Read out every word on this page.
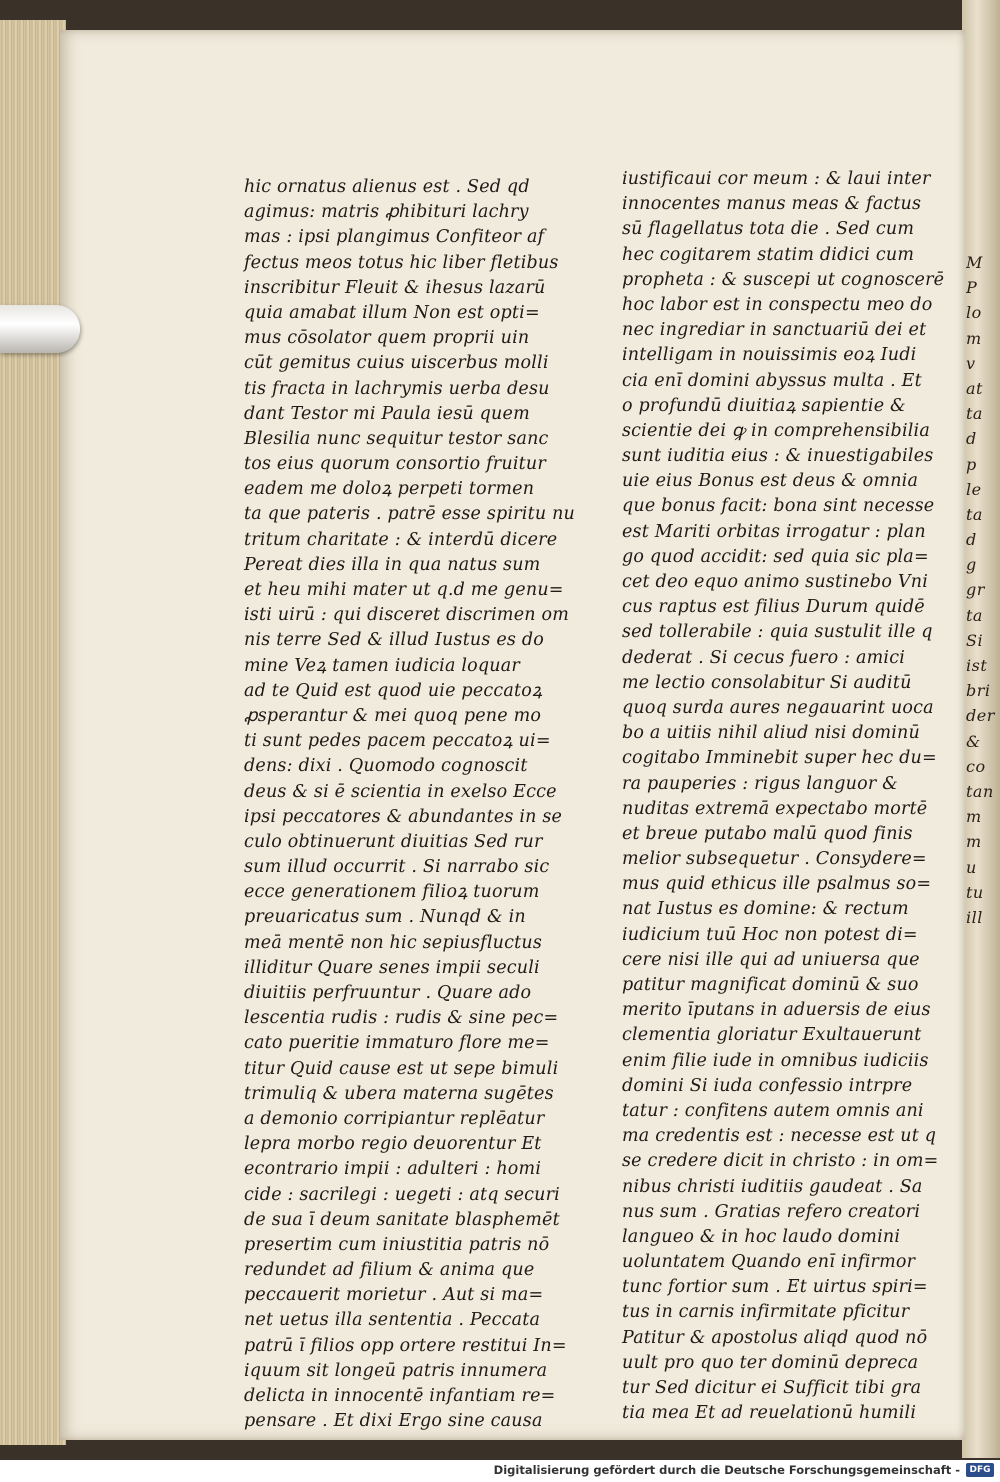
hic ornatus alienus est . Sed qd
agimus: matris ꝓhibituri lachry
mas : ipsi plangimus Confiteor af
fectus meos totus hic liber fletibus
inscribitur Fleuit & ihesus lazarū
quia amabat illum Non est opti=
mus cōsolator quem proprii uin
cūt gemitus cuius uiscerbus molli
tis fracta in lachrymis uerba desu
dant Testor mi Paula iesū quem
Blesilia nunc sequitur testor sanc
tos eius quorum consortio fruitur
eadem me doloꝝ perpeti tormen
ta que pateris . patrē esse spiritu nu
tritum charitate : & interdū dicere
Pereat dies illa in qua natus sum
et heu mihi mater ut q.d me genu=
isti uirū : qui disceret discrimen om
nis terre Sed & illud Iustus es do
mine Veꝝ tamen iudicia loquar
ad te Quid est quod uie peccatoꝝ
ꝓsperantur & mei quoq pene mo
ti sunt pedes pacem peccatoꝝ ui=
dens: dixi . Quomodo cognoscit
deus & si ē scientia in exelso Ecce
ipsi peccatores & abundantes in se
culo obtinuerunt diuitias Sed rur
sum illud occurrit . Si narrabo sic
ecce generationem filioꝝ tuorum
preuaricatus sum . Nunqd & in
meā mentē non hic sepiusfluctus
illiditur Quare senes impii seculi
diuitiis perfruuntur . Quare ado
lescentia rudis : rudis & sine pec=
cato pueritie immaturo flore me=
titur Quid cause est ut sepe bimuli
trimuliq & ubera materna sugētes
a demonio corripiantur replēatur
lepra morbo regio deuorentur Et
econtrario impii : adulteri : homi
cide : sacrilegi : uegeti : atq securi
de sua ī deum sanitate blasphemēt
presertim cum iniustitia patris nō
redundet ad filium & anima que
peccauerit morietur . Aut si ma=
net uetus illa sententia . Peccata
patrū ī filios opp ortere restitui In=
iquum sit longeū patris innumera
delicta in innocentē infantiam re=
pensare . Et dixi Ergo sine causa
iustificaui cor meum : & laui inter
innocentes manus meas & factus
sū flagellatus tota die . Sed cum
hec cogitarem statim didici cum
propheta : & suscepi ut cognoscerē
hoc labor est in conspectu meo do
nec ingrediar in sanctuariū dei et
intelligam in nouissimis eoꝝ Iudi
cia enī domini abyssus multa . Et
o profundū diuitiaꝝ sapientie &
scientie dei ꝙ in comprehensibilia
sunt iuditia eius : & inuestigabiles
uie eius Bonus est deus & omnia
que bonus facit: bona sint necesse
est Mariti orbitas irrogatur : plan
go quod accidit: sed quia sic pla=
cet deo equo animo sustinebo Vni
cus raptus est filius Durum quidē
sed tollerabile : quia sustulit ille q
dederat . Si cecus fuero : amici
me lectio consolabitur Si auditū
quoq surda aures negauarint uoca
bo a uitiis nihil aliud nisi dominū
cogitabo Imminebit super hec du=
ra pauperies : rigus languor &
nuditas extremā expectabo mortē
et breue putabo malū quod finis
melior subsequetur . Consydere=
mus quid ethicus ille psalmus so=
nat Iustus es domine: & rectum
iudicium tuū Hoc non potest di=
cere nisi ille qui ad uniuersa que
patitur magnificat dominū & suo
merito īputans in aduersis de eius
clementia gloriatur Exultauerunt
enim filie iude in omnibus iudiciis
domini Si iuda confessio intrpre
tatur : confitens autem omnis ani
ma credentis est : necesse est ut q
se credere dicit in christo : in om=
nibus christi iuditiis gaudeat . Sa
nus sum . Gratias refero creatori
langueo & in hoc laudo domini
uoluntatem Quando enī infirmor
tunc fortior sum . Et uirtus spiri=
tus in carnis infirmitate pficitur
Patitur & apostolus aliqd quod nō
uult pro quo ter dominū depreca
tur Sed dicitur ei Sufficit tibi gra
tia mea Et ad reuelationū humili
M
P
lo
m
v
at
ta
d
p
le
ta
d
g
gr
ta
Si
ist
bri
der
&
co
tan
m
m
u
tu
ill
Digitalisierung gefördert durch die Deutsche Forschungsgemeinschaft -	DFG
